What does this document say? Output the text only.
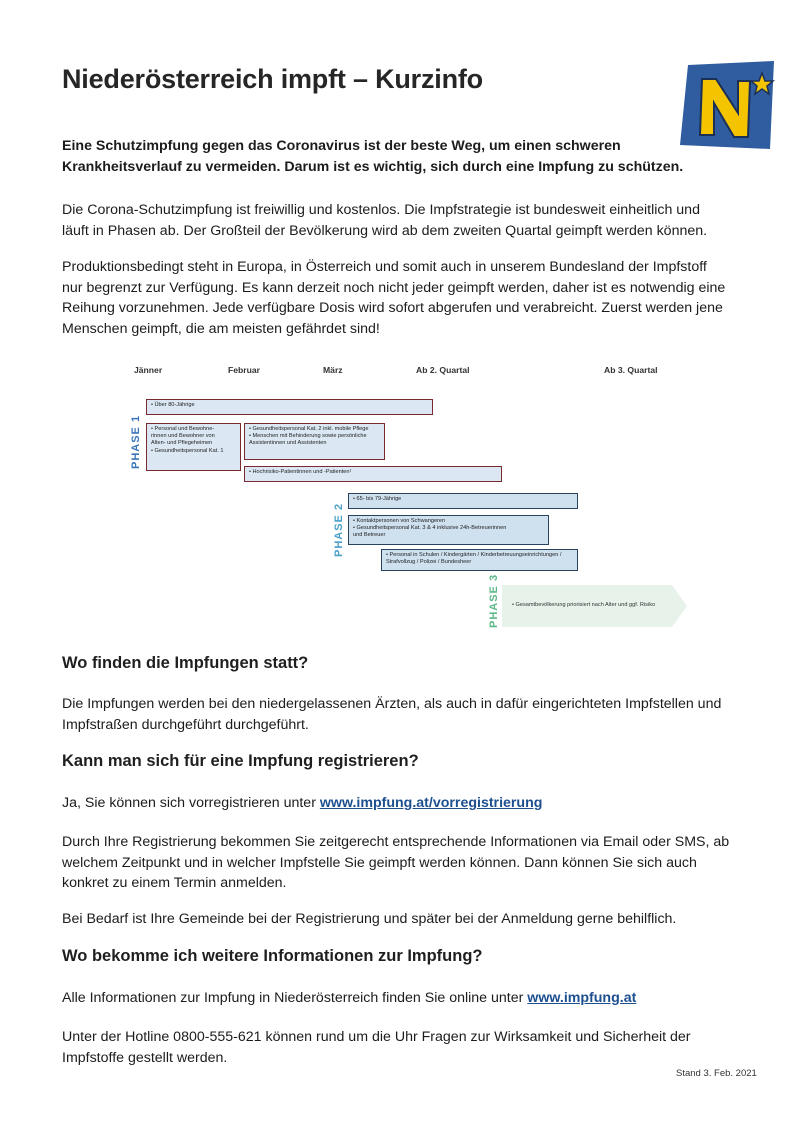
Niederösterreich impft – Kurzinfo

Eine Schutzimpfung gegen das Coronavirus ist der beste Weg, um einen schweren
Krankheitsverlauf zu vermeiden. Darum ist es wichtig, sich durch eine Impfung zu schützen.

Die Corona-Schutzimpfung ist freiwillig und kostenlos. Die Impfstrategie ist bundesweit einheitlich und
läuft in Phasen ab. Der Großteil der Bevölkerung wird ab dem zweiten Quartal geimpft werden können.

Produktionsbedingt steht in Europa, in Österreich und somit auch in unserem Bundesland der Impfstoff
nur begrenzt zur Verfügung. Es kann derzeit noch nicht jeder geimpft werden, daher ist es notwendig eine
Reihung vorzunehmen. Jede verfügbare Dosis wird sofort abgerufen und verabreicht. Zuerst werden jene
Menschen geimpft, die am meisten gefährdet sind!

Jänner	Februar	März	Ab 2. Quartal	Ab 3. Quartal
PHASE 1
PHASE 2
PHASE 3
• Über 80-Jährige
• Personal und Bewohne-
rinnen und Bewohner von
Alten- und Pflegeheimen
• Gesundheitspersonal Kat. 1
• Gesundheitspersonal Kat. 2 inkl. mobile Pflege
• Menschen mit Behinderung sowie persönliche
Assistentinnen und Assistenten
• Hochrisiko-Patientinnen und -Patienten¹
• 65- bis 79-Jährige
• Kontaktpersonen von Schwangeren
• Gesundheitspersonal Kat. 3 & 4 inklusive 24h-Betreuerinnen
und Betreuer
• Personal in Schulen / Kindergärten / Kinderbetreuungseinrichtungen /
Strafvollzug / Polizei / Bundesheer
• Gesamtbevölkerung priorisiert nach Alter und ggf. Risiko
Wo finden die Impfungen statt?

Die Impfungen werden bei den niedergelassenen Ärzten, als auch in dafür eingerichteten Impfstellen und
Impfstraßen durchgeführt durchgeführt.

Kann man sich für eine Impfung registrieren?

Ja, Sie können sich vorregistrieren unter www.impfung.at/vorregistrierung

Durch Ihre Registrierung bekommen Sie zeitgerecht entsprechende Informationen via Email oder SMS, ab
welchem Zeitpunkt und in welcher Impfstelle Sie geimpft werden können. Dann können Sie sich auch
konkret zu einem Termin anmelden.

Bei Bedarf ist Ihre Gemeinde bei der Registrierung und später bei der Anmeldung gerne behilflich.

Wo bekomme ich weitere Informationen zur Impfung?

Alle Informationen zur Impfung in Niederösterreich finden Sie online unter www.impfung.at

Unter der Hotline 0800-555-621 können rund um die Uhr Fragen zur Wirksamkeit und Sicherheit der
Impfstoffe gestellt werden.

Stand 3. Feb. 2021
